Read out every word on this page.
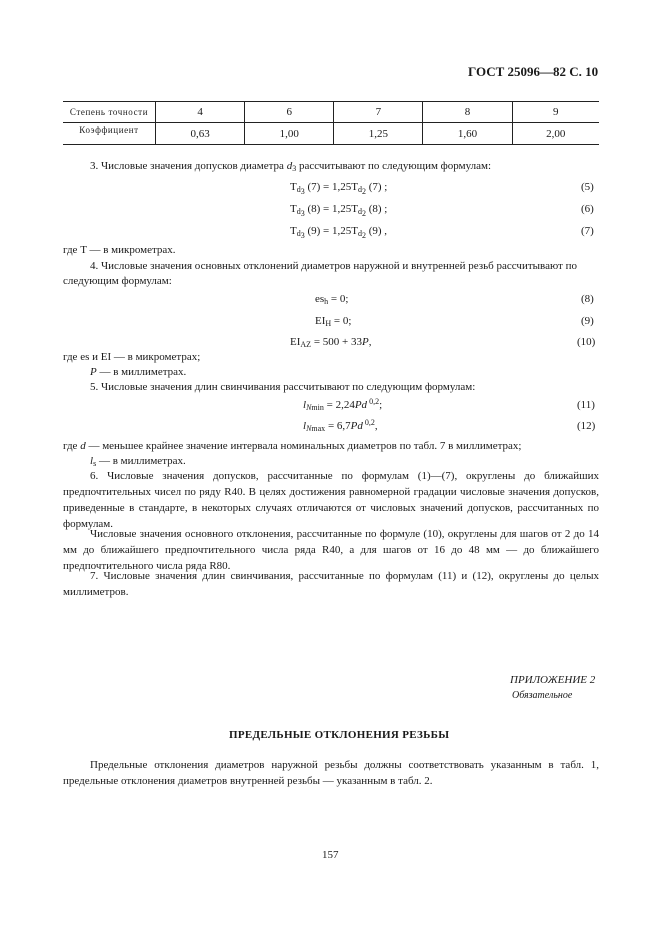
ГОСТ 25096—82 С. 10
Степень точности	4	6	7	8	9
Коэффициент	0,63	1,00	1,25	1,60	2,00
3. Числовые значения допусков диаметра $d_3$ рассчитывают по следующим формулам:
$T_{d_3}$ $(7) = 1,25T_{d_2}$ (7) ;	(5)
$T_{d_3}$ $(8) = 1,25T_{d_2}$ (8) ;	(6)
$T_{d_3}$ $(9) = 1,25T_{d_2}$ (9) ,	(7)
где T — в микрометрах.
4. Числовые значения основных отклонений диаметров наружной и внутренней резьб рассчитывают по
следующим формулам:
$es_h = 0$;	(8)
$EI_H = 0$;	(9)
$EI_{AZ} = 500 + 33P$,	(10)
где es и EI — в микрометрах;
P — в миллиметрах.
5. Числовые значения длин свинчивания рассчитывают по следующим формулам:
$l_{Nmin} = 2,24Pd$ $^{0,2}$;	(11)
$l_{Nmax} = 6,7Pd$ $^{0,2}$,	(12)
где d — меньшее крайнее значение интервала номинальных диаметров по табл. 7 в миллиметрах;
$l_s$ — в миллиметрах.
6. Числовые значения допусков, рассчитанные по формулам (1)—(7), округлены до ближайших предпочтительных чисел по ряду R40. В целях достижения равномерной градации числовые значения допусков, приведенные в стандарте, в некоторых случаях отличаются от числовых значений допусков, рассчитанных по формулам.
Числовые значения основного отклонения, рассчитанные по формуле (10), округлены для шагов от 2 до 14 мм до ближайшего предпочтительного числа ряда R40, а для шагов от 16 до 48 мм — до ближайшего предпочтительного числа ряда R80.
7. Числовые значения длин свинчивания, рассчитанные по формулам (11) и (12), округлены до целых миллиметров.
ПРИЛОЖЕНИЕ 2
Обязательное
ПРЕДЕЛЬНЫЕ ОТКЛОНЕНИЯ РЕЗЬБЫ
Предельные отклонения диаметров наружной резьбы должны соответствовать указанным в табл. 1, предельные отклонения диаметров внутренней резьбы — указанным в табл. 2.
157
